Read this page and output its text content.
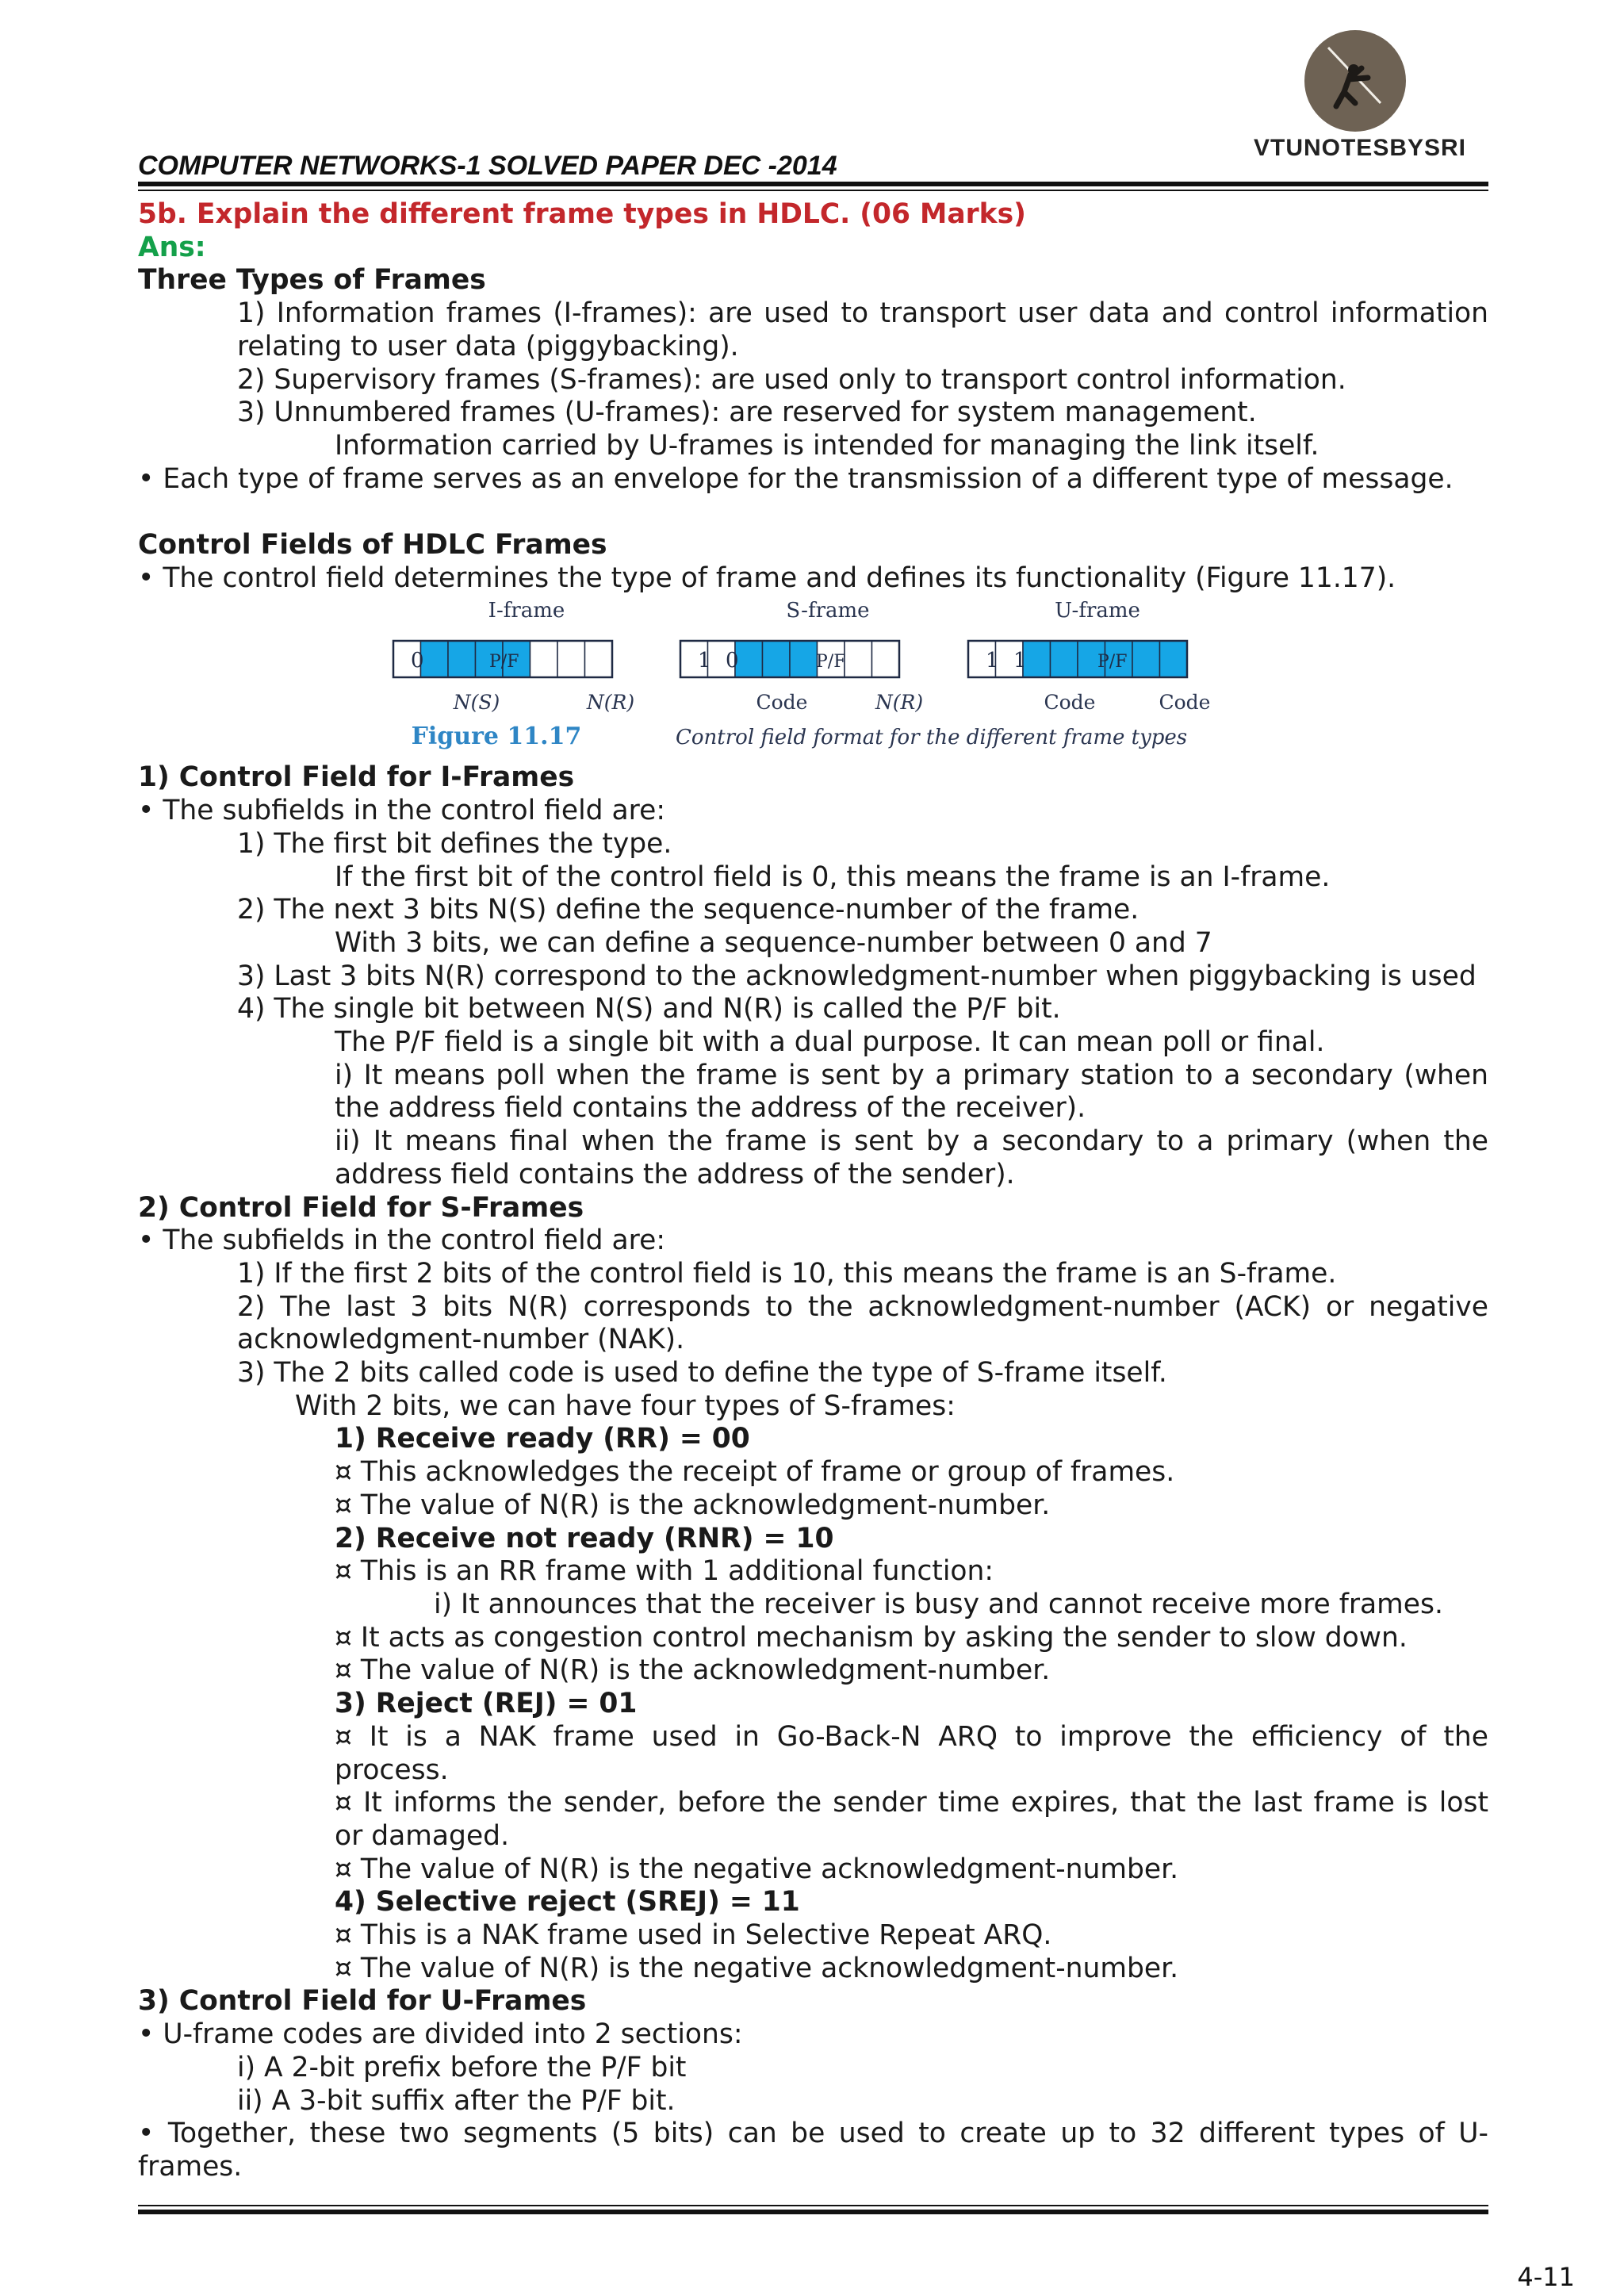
VTUNOTESBYSRI
COMPUTER NETWORKS-1 SOLVED PAPER DEC -2014
5b. Explain the different frame types in HDLC. (06 Marks)
Ans:
Three Types of Frames
1) Information frames (I-frames): are used to transport user data and control information
relating to user data (piggybacking).
2) Supervisory frames (S-frames): are used only to transport control information.
3) Unnumbered frames (U-frames): are reserved for system management.
Information carried by U-frames is intended for managing the link itself.
• Each type of frame serves as an envelope for the transmission of a different type of message.
Control Fields of HDLC Frames
• The control field determines the type of frame and defines its functionality (Figure 11.17).
I-frame	S-frame	U-frame
0	1 0	1 1
P/F	P/F	P/F
N(S)	N(R)	Code	N(R)	Code	Code
Figure 11.17	Control field format for the different frame types
1) Control Field for I-Frames
• The subfields in the control field are:
1) The first bit defines the type.
If the first bit of the control field is 0, this means the frame is an I-frame.
2) The next 3 bits N(S) define the sequence-number of the frame.
With 3 bits, we can define a sequence-number between 0 and 7
3) Last 3 bits N(R) correspond to the acknowledgment-number when piggybacking is used
4) The single bit between N(S) and N(R) is called the P/F bit.
The P/F field is a single bit with a dual purpose. It can mean poll or final.
i) It means poll when the frame is sent by a primary station to a secondary (when
the address field contains the address of the receiver).
ii) It means final when the frame is sent by a secondary to a primary (when the
address field contains the address of the sender).
2) Control Field for S-Frames
• The subfields in the control field are:
1) If the first 2 bits of the control field is 10, this means the frame is an S-frame.
2) The last 3 bits N(R) corresponds to the acknowledgment-number (ACK) or negative
acknowledgment-number (NAK).
3) The 2 bits called code is used to define the type of S-frame itself.
With 2 bits, we can have four types of S-frames:
1) Receive ready (RR) = 00
¤ This acknowledges the receipt of frame or group of frames.
¤ The value of N(R) is the acknowledgment-number.
2) Receive not ready (RNR) = 10
¤ This is an RR frame with 1 additional function:
i) It announces that the receiver is busy and cannot receive more frames.
¤ It acts as congestion control mechanism by asking the sender to slow down.
¤ The value of N(R) is the acknowledgment-number.
3) Reject (REJ) = 01
¤ It is a NAK frame used in Go-Back-N ARQ to improve the efficiency of the
process.
¤ It informs the sender, before the sender time expires, that the last frame is lost
or damaged.
¤ The value of N(R) is the negative acknowledgment-number.
4) Selective reject (SREJ) = 11
¤ This is a NAK frame used in Selective Repeat ARQ.
¤ The value of N(R) is the negative acknowledgment-number.
3) Control Field for U-Frames
• U-frame codes are divided into 2 sections:
i) A 2-bit prefix before the P/F bit
ii) A 3-bit suffix after the P/F bit.
• Together, these two segments (5 bits) can be used to create up to 32 different types of U-
frames.
4-11
